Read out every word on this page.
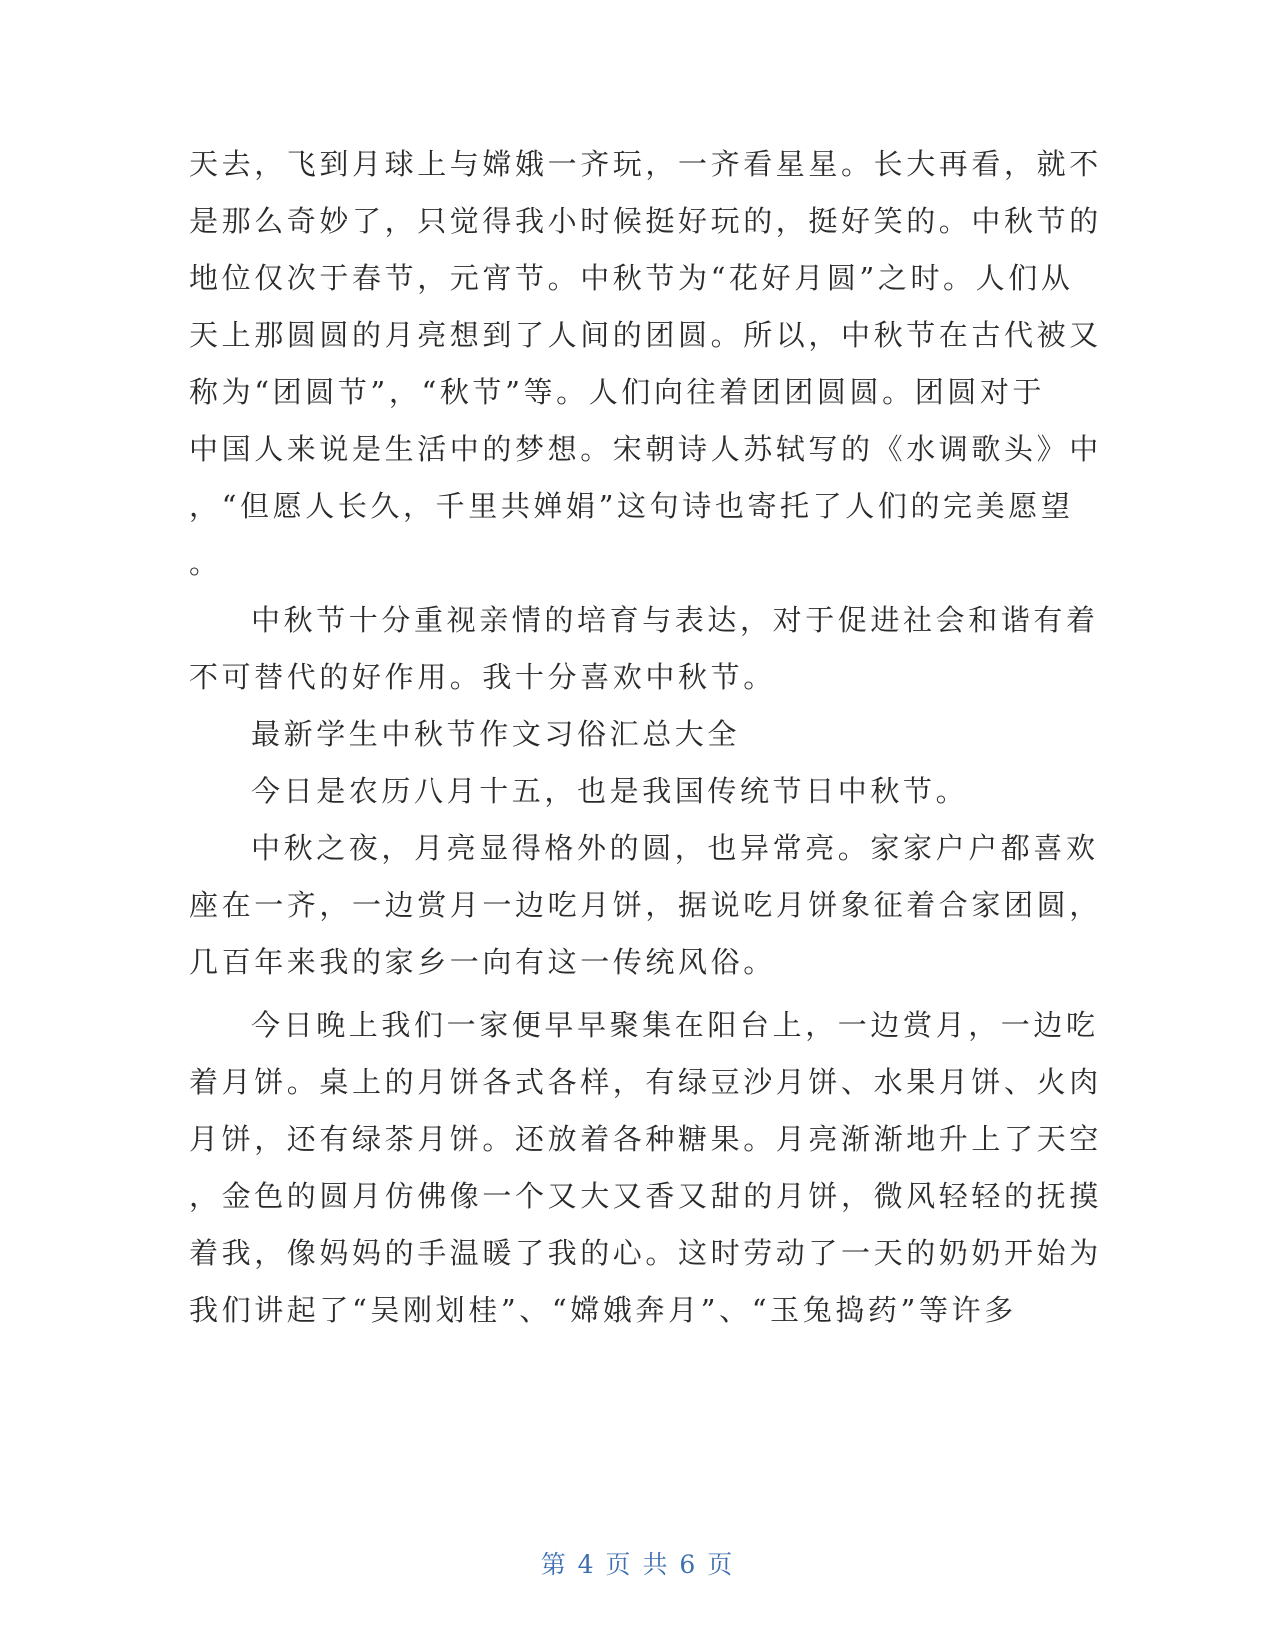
天去，飞到月球上与嫦娥一齐玩，一齐看星星。长大再看，就不
是那么奇妙了，只觉得我小时候挺好玩的，挺好笑的。中秋节的
地位仅次于春节，元宵节。中秋节为“花好月圆”之时。人们从
天上那圆圆的月亮想到了人间的团圆。所以，中秋节在古代被又
称为“团圆节”，“秋节”等。人们向往着团团圆圆。团圆对于
中国人来说是生活中的梦想。宋朝诗人苏轼写的《水调歌头》中
，“但愿人长久，千里共婵娟”这句诗也寄托了人们的完美愿望
。
中秋节十分重视亲情的培育与表达，对于促进社会和谐有着
不可替代的好作用。我十分喜欢中秋节。
最新学生中秋节作文习俗汇总大全
今日是农历八月十五，也是我国传统节日中秋节。
中秋之夜，月亮显得格外的圆，也异常亮。家家户户都喜欢
座在一齐，一边赏月一边吃月饼，据说吃月饼象征着合家团圆，
几百年来我的家乡一向有这一传统风俗。
今日晚上我们一家便早早聚集在阳台上，一边赏月，一边吃
着月饼。桌上的月饼各式各样，有绿豆沙月饼、水果月饼、火肉
月饼，还有绿茶月饼。还放着各种糖果。月亮渐渐地升上了天空
，金色的圆月仿佛像一个又大又香又甜的月饼，微风轻轻的抚摸
着我，像妈妈的手温暖了我的心。这时劳动了一天的奶奶开始为
我们讲起了“吴刚划桂”、“嫦娥奔月”、“玉兔捣药”等许多
第 4 页 共 6 页
